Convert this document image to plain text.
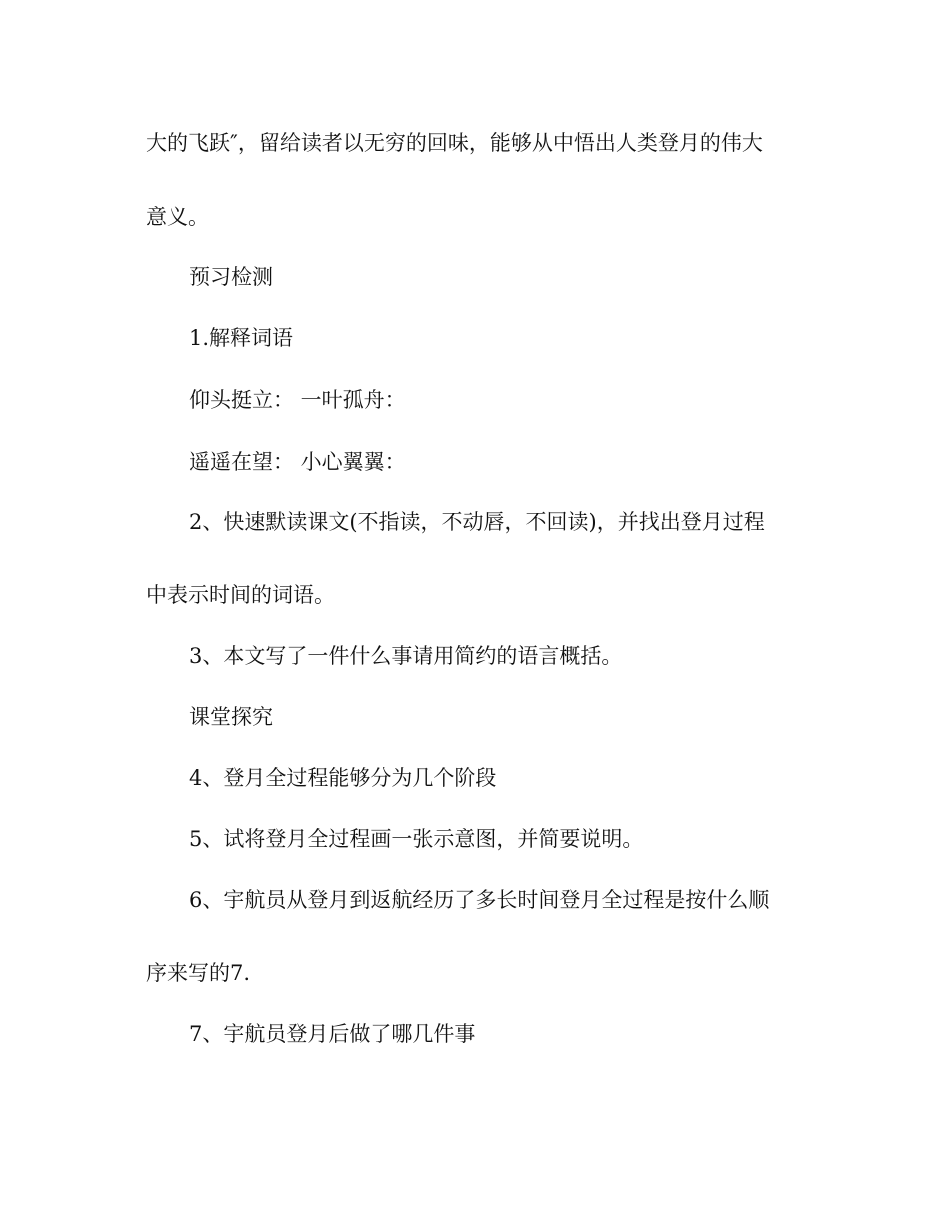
大的飞跃″，留给读者以无穷的回味，能够从中悟出人类登月的伟大
意义。
预习检测
1.解释词语
仰头挺立： 一叶孤舟：
遥遥在望： 小心翼翼：
2、快速默读课文(不指读，不动唇，不回读)，并找出登月过程
中表示时间的词语。
3、本文写了一件什么事请用简约的语言概括。
课堂探究
4、登月全过程能够分为几个阶段
5、试将登月全过程画一张示意图，并简要说明。
6、宇航员从登月到返航经历了多长时间登月全过程是按什么顺
序来写的7.
7、宇航员登月后做了哪几件事
